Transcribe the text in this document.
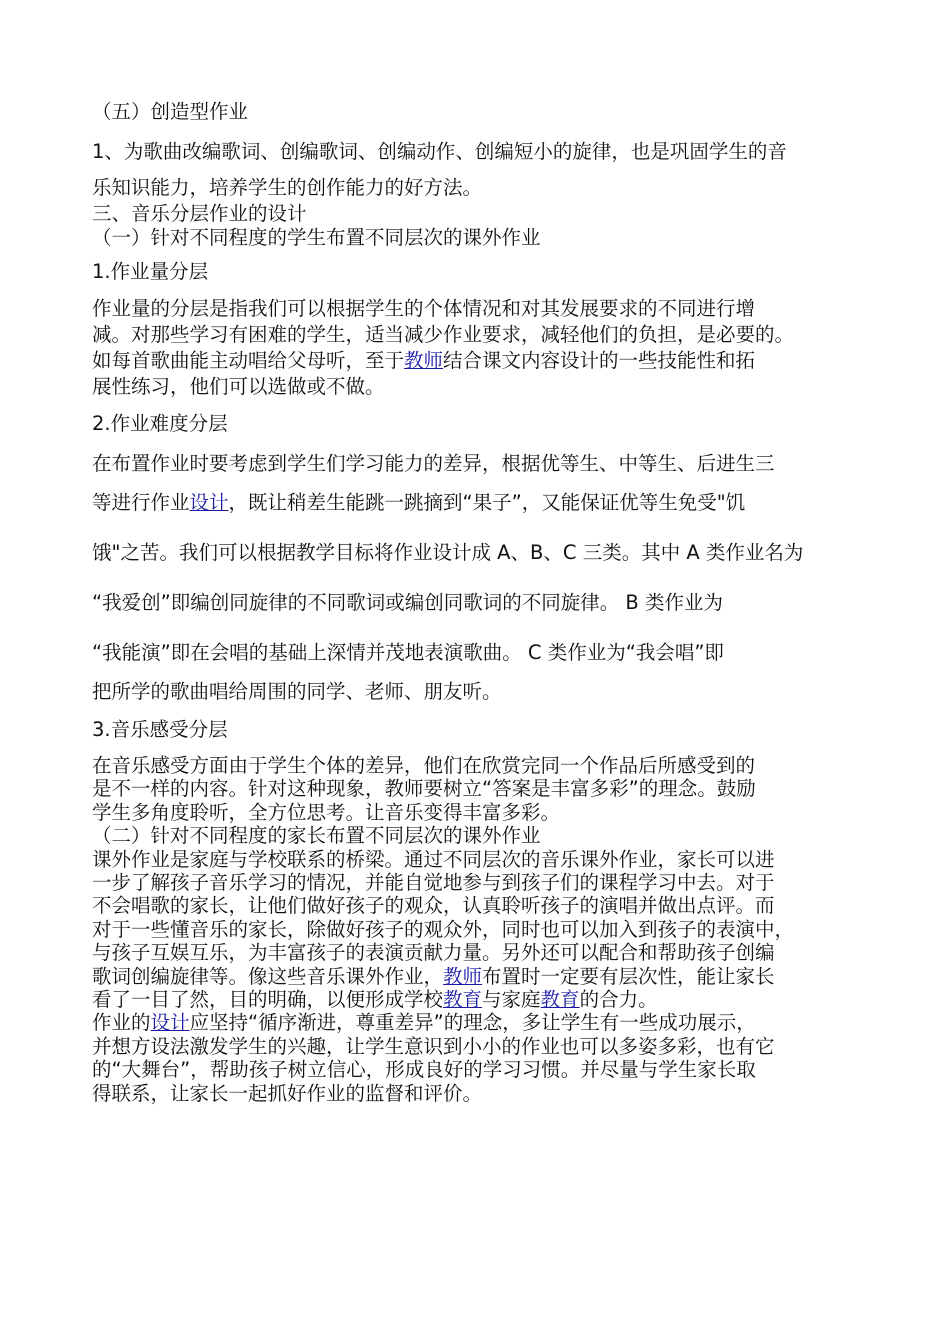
（五）创造型作业

1、为歌曲改编歌词、创编歌词、创编动作、创编短小的旋律，也是巩固学生的音

乐知识能力，培养学生的创作能力的好方法。

三、音乐分层作业的设计

（一）针对不同程度的学生布置不同层次的课外作业

1.作业量分层

作业量的分层是指我们可以根据学生的个体情况和对其发展要求的不同进行增

减。对那些学习有困难的学生，适当减少作业要求，减轻他们的负担，是必要的。

如每首歌曲能主动唱给父母听，至于教师结合课文内容设计的一些技能性和拓

展性练习，他们可以选做或不做。

2.作业难度分层

在布置作业时要考虑到学生们学习能力的差异，根据优等生、中等生、后进生三

等进行作业设计，既让稍差生能跳一跳摘到“果子”，又能保证优等生免受"饥

饿"之苦。我们可以根据教学目标将作业设计成 A、B、C 三类。其中 A 类作业名为

“我爱创”即编创同旋律的不同歌词或编创同歌词的不同旋律。 B 类作业为

“我能演”即在会唱的基础上深情并茂地表演歌曲。 C 类作业为“我会唱”即

把所学的歌曲唱给周围的同学、老师、朋友听。

3.音乐感受分层

在音乐感受方面由于学生个体的差异，他们在欣赏完同一个作品后所感受到的

是不一样的内容。针对这种现象，教师要树立“答案是丰富多彩”的理念。鼓励

学生多角度聆听，全方位思考。让音乐变得丰富多彩。

（二）针对不同程度的家长布置不同层次的课外作业

课外作业是家庭与学校联系的桥梁。通过不同层次的音乐课外作业，家长可以进

一步了解孩子音乐学习的情况，并能自觉地参与到孩子们的课程学习中去。对于

不会唱歌的家长，让他们做好孩子的观众，认真聆听孩子的演唱并做出点评。而

对于一些懂音乐的家长，除做好孩子的观众外，同时也可以加入到孩子的表演中，

与孩子互娱互乐，为丰富孩子的表演贡献力量。另外还可以配合和帮助孩子创编

歌词创编旋律等。像这些音乐课外作业，教师布置时一定要有层次性，能让家长

看了一目了然，目的明确，以便形成学校教育与家庭教育的合力。

作业的设计应坚持“循序渐进，尊重差异”的理念，多让学生有一些成功展示，

并想方设法激发学生的兴趣，让学生意识到小小的作业也可以多姿多彩，也有它

的“大舞台”，帮助孩子树立信心，形成良好的学习习惯。并尽量与学生家长取

得联系，让家长一起抓好作业的监督和评价。
